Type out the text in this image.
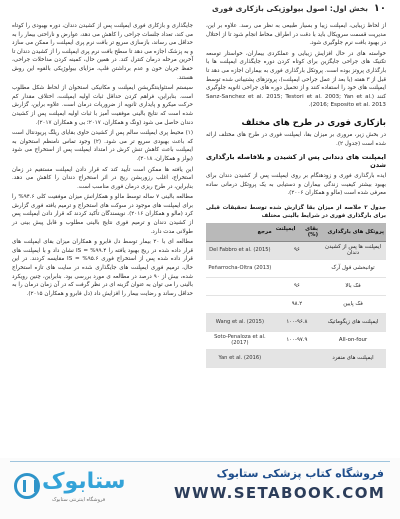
۱۰
بخش اول: اصول بیولوژیکی بازکاری فوری

از لحاظ زیبایی، ایمپلنت زیبا و بسیار طبیعی به نظر می رسد. علاوه بر این، مدیریت قسمت سرویکال باید با دقت در اطراف مخاط انجام شود تا از اختلال در بهبود بافت نرم جلوگیری شود.

خواسته های در حال افزایش زیبایی و عملکردی بیماران، خواستار توسعه تکنیک های جراحی جایگزین برای کوتاه کردن دوره جایگذاری ایمپلنت ها با بارگذاری پروتز بوده است. پروتکل بارگذاری فوری به بیماران اجازه می دهد تا قبل از ۳ هفته (یا بعد از عمل جراحی ایمپلنت)، پروتزهای پشتیبانی شده توسط ایمپلنت های خود را استفاده کنند و از تحمیل دوره های جراحی ثانویه جلوگیری کنند (Sanz-Sanchez et al. 2015; Testori et al. 2003; Yan et al. 2016; Esposito et al. 2013).

بازکاری فوری در طرح های مختلف

در بخش زیر، مروری بر میزان بقا، ایمپلنت فوری در طرح های مختلف ارائه شده است (جدول ۲).

ایمپلنت های دندانی پس از کشیدن و بلافاصله بارگذاری شدن

ایده بارگذاری فوری و زودهنگام بر روی ایمپلنت پس از کشیدن دندان برای بهبود بیشتر کیفیت زندگی بیماران و دستیابی به یک پروتکل درمانی ساده معرفی شده است (مالو و همکاران ۲۰۰۶).

جدول ۲ خلاصه از میزان بقا گزارش شده توسط تحقیقات قبلی برای بارگذاری فوری در شرایط بالینی مختلف
پروتکل های بارگذاری	بقای ایمپلنت (%)	مرجع
ایمپلنت ها پس از کشیدن دندان	۹۶	Del Fabbro et al. (2015)
توانبخشی فول آرک		Peñarrocha-Oltra (2013)
فک بالا	۹۶	
فک پایین	۹۸.۲	
ایمپلنت های زیگوماتیک	۱۰۰-۹۶.۸	Wang et al. (2015)
All-on-four	۱۰۰-۹۷.۹	Soto-Penaloza et al. (2017)
ایمپلنت های منفرد		Yan et al. (2016)

جایگذاری و بازکاری فوری ایمپلنت پس از کشیدن دندان، دوره بهبودی را کوتاه می کند، تعداد جلسات جراحی را کاهش می دهد، عوارض و ناراحتی بیمار را به حداقل می رساند، بازسازی سریع تر بافت نرم پری ایمپلنت را ممکن می سازد و به پزشک اجازه می دهد تا سطح بافت نرم پری ایمپلنت را از کشیدن دندان تا آخرین مرحله درمان کنترل کند. در همین حال، کمینه کردن مداخلات جراحی، حفظ جریان خون و عدم برداشتن فلپ، مزایای بیولوژیکی بالقوه این روش هستند.

سیستم استئواینتگریشن ایمپلنت و مکانیکی استخوان از لحاظ شکل مطلوب است. بنابراین، فراهم کردن حداقل ثبات اولیه ایمپلنت، اختلاف مقدار کم حرکت میکرو و پایداری ثانویه از ضروریات درمان است. علاوه براین، گزارش شده است که نتایج بالینی موفقیت آمیز با ثبات اولیه ایمپلنت پس از کشیدن دندان حاصل می شود (ونگ و همکاران، ۲۰۱۷؛ بی و همکاران ۲۰۱۷).

(۱) محیط پری ایمپلنت سالم پس از کشیدن حاوی بقایای ریلگ پریودنتال است که باعث بهبودی سریع تر می شود. (۲) وجود تماس نامنظم استخوان به ایمپلنت باعث کاهش تنش کرش در امتداد ایمپلنت پس از استخراج می شود (بولز و همکاران، ۲۰۱۸).

این یافته ها ممکن است تأیید کند که قرار دادن ایمپلنت مستقیم در زمان استخراج، اغلب رزوربشن ریج در اثر استخراج دندان را کاهش می دهد. بنابراین، در طرح ریزی درمان فوری مناسب است.

مطالعه بالینی ۷ ساله توسط مالو و همکارانش میزان موفقیت کلی ۹۴.۶% را برای ایمپلنت های موجود در سوکت های استخراج و ترمیم یافته فوری گزارش کرد (مالو و همکاران ۲۰۱۶). نویسندگان تأکید کردند که قرار دادن ایمپلنت پس از کشیدن دندان و ترمیم فوری نتایج بالینی مطلوب و قابل پیش بینی در طولانی مدت دارد.

مطالعه ای با ۲۰ بیمار توسط دل فابرو و همکاران میزان بقای ایمپلنت های قرار داده شده در ریج بهبود یافته را ۹۹.۴% = IS نشان داد و با ایمپلنت های قرار داده شده پس از استخراج فوری ۹۵.۶% = IS مقایسه کردند. در این حال، ترمیم فوری ایمپلنت های جایگذاری شده در سایت های تازه استخراج شده، بیش از ۹۰ درصد در مطالعه ی مورد بررسی بود. بنابراین، چنین رویکرد بالینی را می توان به عنوان گزینه ای در نظر گرفت که در آن زمان درمان را به حداقل رساند و رضایت بیمار را افزایش داد (دل فابرو و همکاران ۲۰۱۵).

ستابوک
فروشگاه اینترنتی ستابوک
فروشگاه کتاب پزشکی ستابوک
WWW.SETABOOK.COM
